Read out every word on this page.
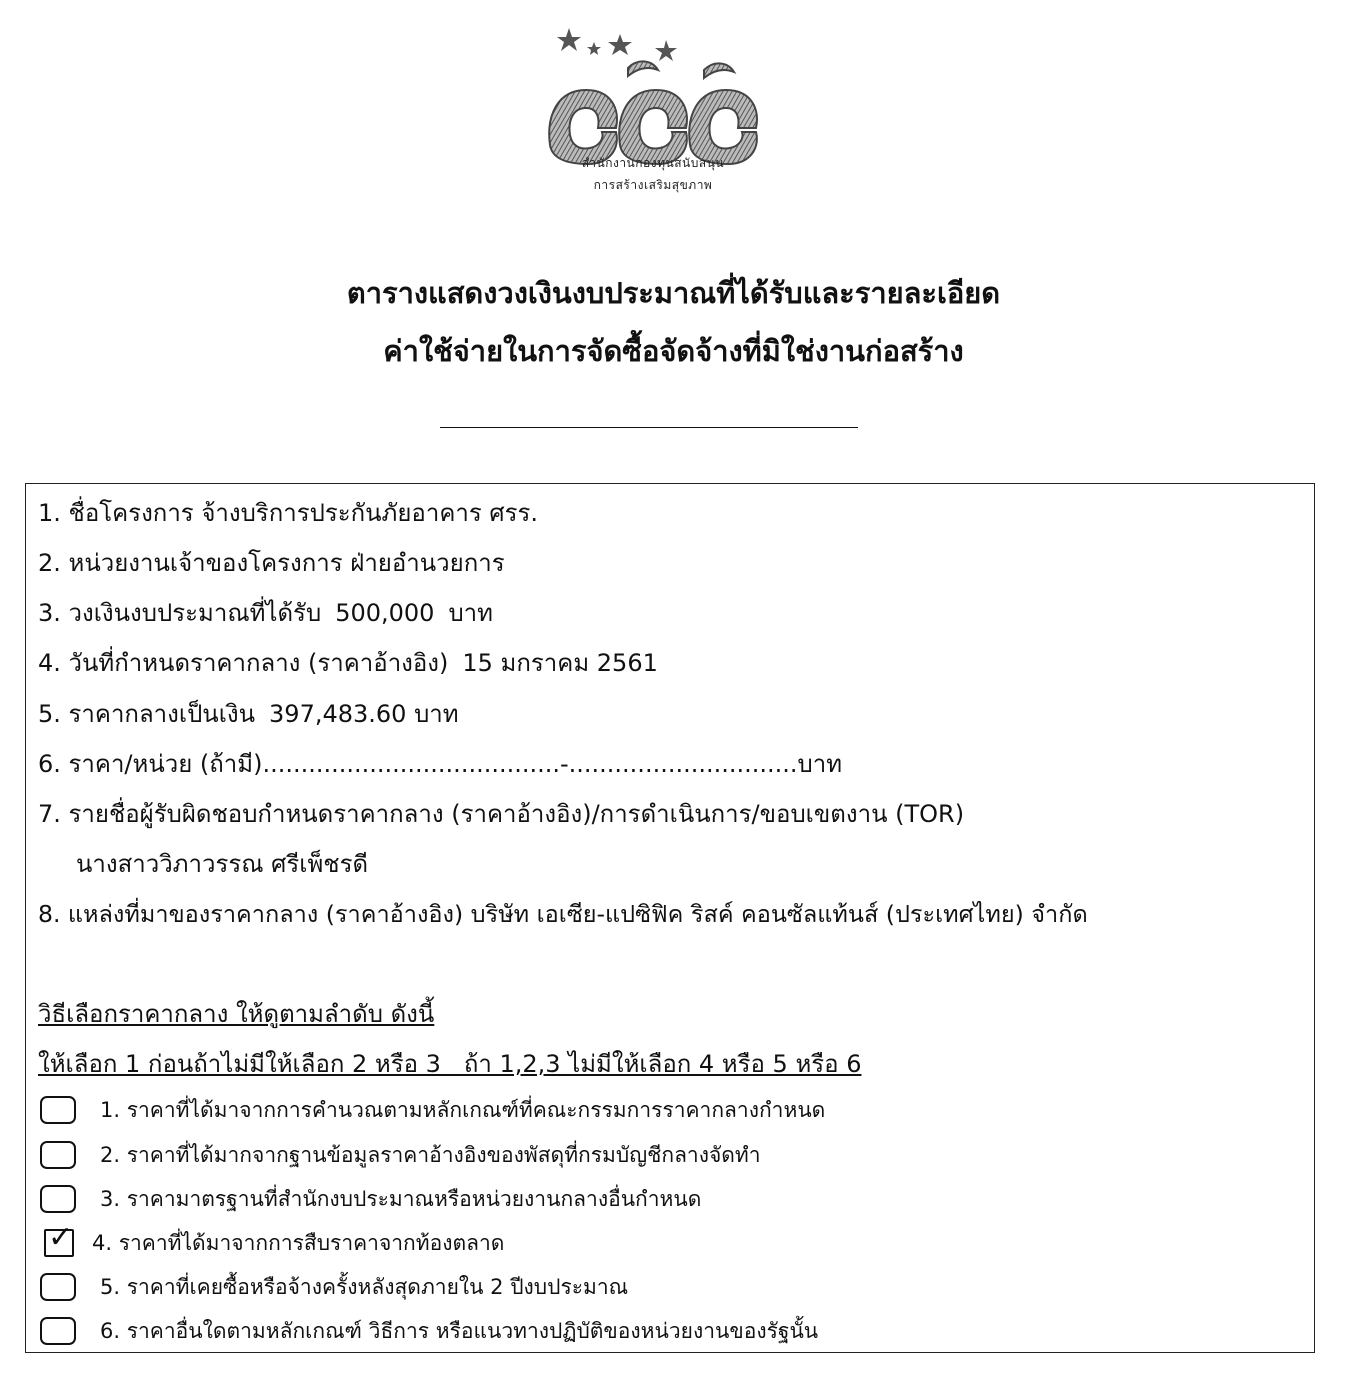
สำนักงานกองทุนสนับสนุน
การสร้างเสริมสุขภาพ
ตารางแสดงวงเงินงบประมาณที่ได้รับและรายละเอียด
ค่าใช้จ่ายในการจัดซื้อจัดจ้างที่มิใช่งานก่อสร้าง
1. ชื่อโครงการ จ้างบริการประกันภัยอาคาร ศรร.
2. หน่วยงานเจ้าของโครงการ ฝ่ายอำนวยการ
3. วงเงินงบประมาณที่ได้รับ 500,000 บาท
4. วันที่กำหนดราคากลาง (ราคาอ้างอิง) 15 มกราคม 2561
5. ราคากลางเป็นเงิน 397,483.60 บาท
6. ราคา/หน่วย (ถ้ามี).......................................-..............................บาท
7. รายชื่อผู้รับผิดชอบกำหนดราคากลาง (ราคาอ้างอิง)/การดำเนินการ/ขอบเขตงาน (TOR)
นางสาววิภาวรรณ ศรีเพ็ชรดี
8. แหล่งที่มาของราคากลาง (ราคาอ้างอิง) บริษัท เอเซีย-แปซิฟิค ริสค์ คอนซัลแท้นส์ (ประเทศไทย) จำกัด
วิธีเลือกราคากลาง ให้ดูตามลำดับ ดังนี้
ให้เลือก 1 ก่อนถ้าไม่มีให้เลือก 2 หรือ 3   ถ้า 1,2,3 ไม่มีให้เลือก 4 หรือ 5 หรือ 6
1. ราคาที่ได้มาจากการคำนวณตามหลักเกณฑ์ที่คณะกรรมการราคากลางกำหนด
2. ราคาที่ได้มากจากฐานข้อมูลราคาอ้างอิงของพัสดุที่กรมบัญชีกลางจัดทำ
3. ราคามาตรฐานที่สำนักงบประมาณหรือหน่วยงานกลางอื่นกำหนด
✓ 4. ราคาที่ได้มาจากการสืบราคาจากท้องตลาด
5. ราคาที่เคยซื้อหรือจ้างครั้งหลังสุดภายใน 2 ปีงบประมาณ
6. ราคาอื่นใดตามหลักเกณฑ์ วิธีการ หรือแนวทางปฏิบัติของหน่วยงานของรัฐนั้น
